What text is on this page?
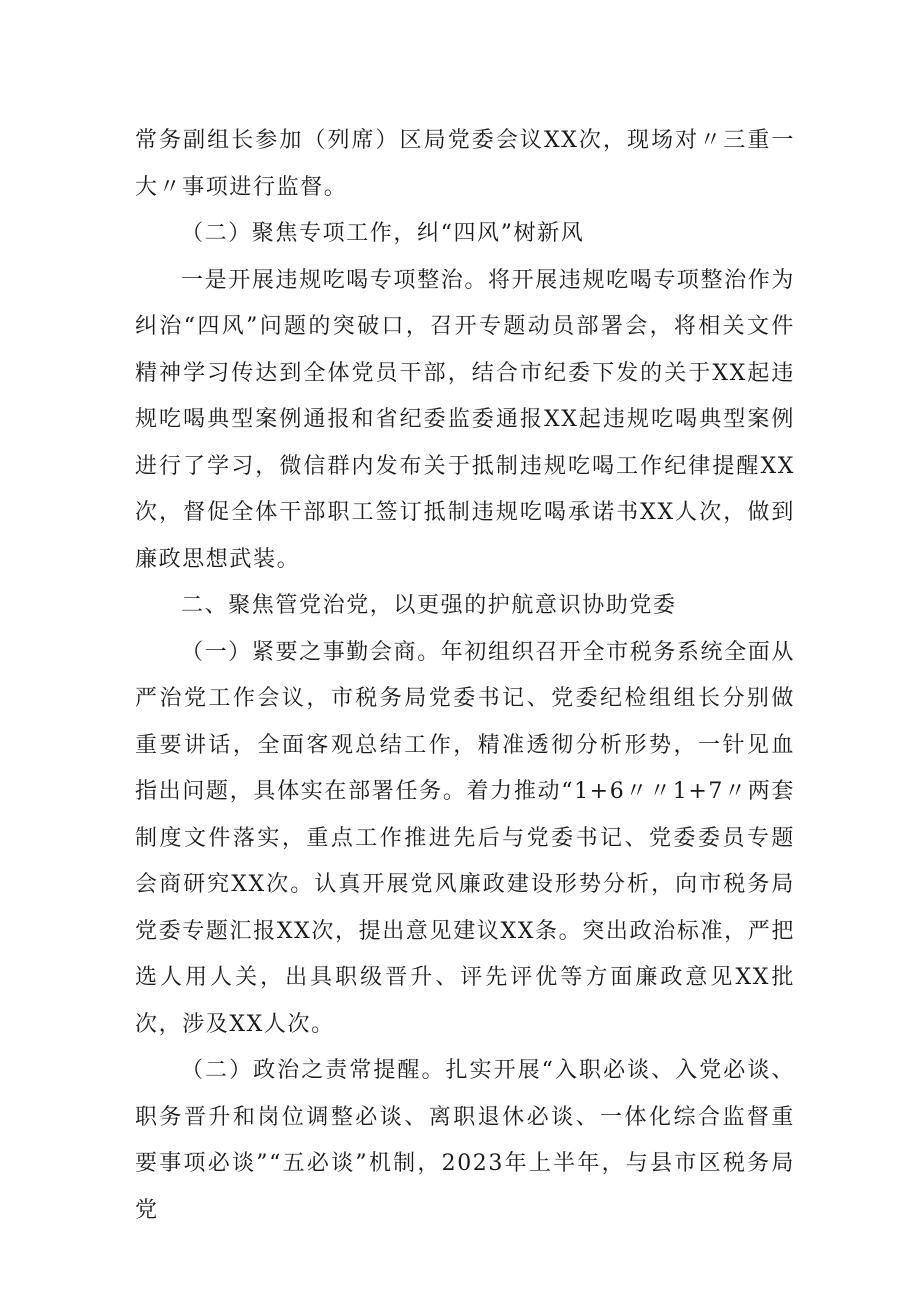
常务副组长参加（列席）区局党委会议XX次，现场对〃三重一大〃事项进行监督。

（二）聚焦专项工作，纠“四风”树新风

一是开展违规吃喝专项整治。将开展违规吃喝专项整治作为纠治“四风”问题的突破口，召开专题动员部署会，将相关文件精神学习传达到全体党员干部，结合市纪委下发的关于XX起违规吃喝典型案例通报和省纪委监委通报XX起违规吃喝典型案例进行了学习，微信群内发布关于抵制违规吃喝工作纪律提醒XX次，督促全体干部职工签订抵制违规吃喝承诺书XX人次，做到廉政思想武装。

二、聚焦管党治党，以更强的护航意识协助党委

（一）紧要之事勤会商。年初组织召开全市税务系统全面从严治党工作会议，市税务局党委书记、党委纪检组组长分别做重要讲话，全面客观总结工作，精准透彻分析形势，一针见血指出问题，具体实在部署任务。着力推动“1+6〃〃1+7〃两套制度文件落实，重点工作推进先后与党委书记、党委委员专题会商研究XX次。认真开展党风廉政建设形势分析，向市税务局党委专题汇报XX次，提出意见建议XX条。突出政治标准，严把选人用人关，出具职级晋升、评先评优等方面廉政意见XX批次，涉及XX人次。

（二）政治之责常提醒。扎实开展“入职必谈、入党必谈、职务晋升和岗位调整必谈、离职退休必谈、一体化综合监督重要事项必谈”“五必谈”机制，2023年上半年，与县市区税务局党
